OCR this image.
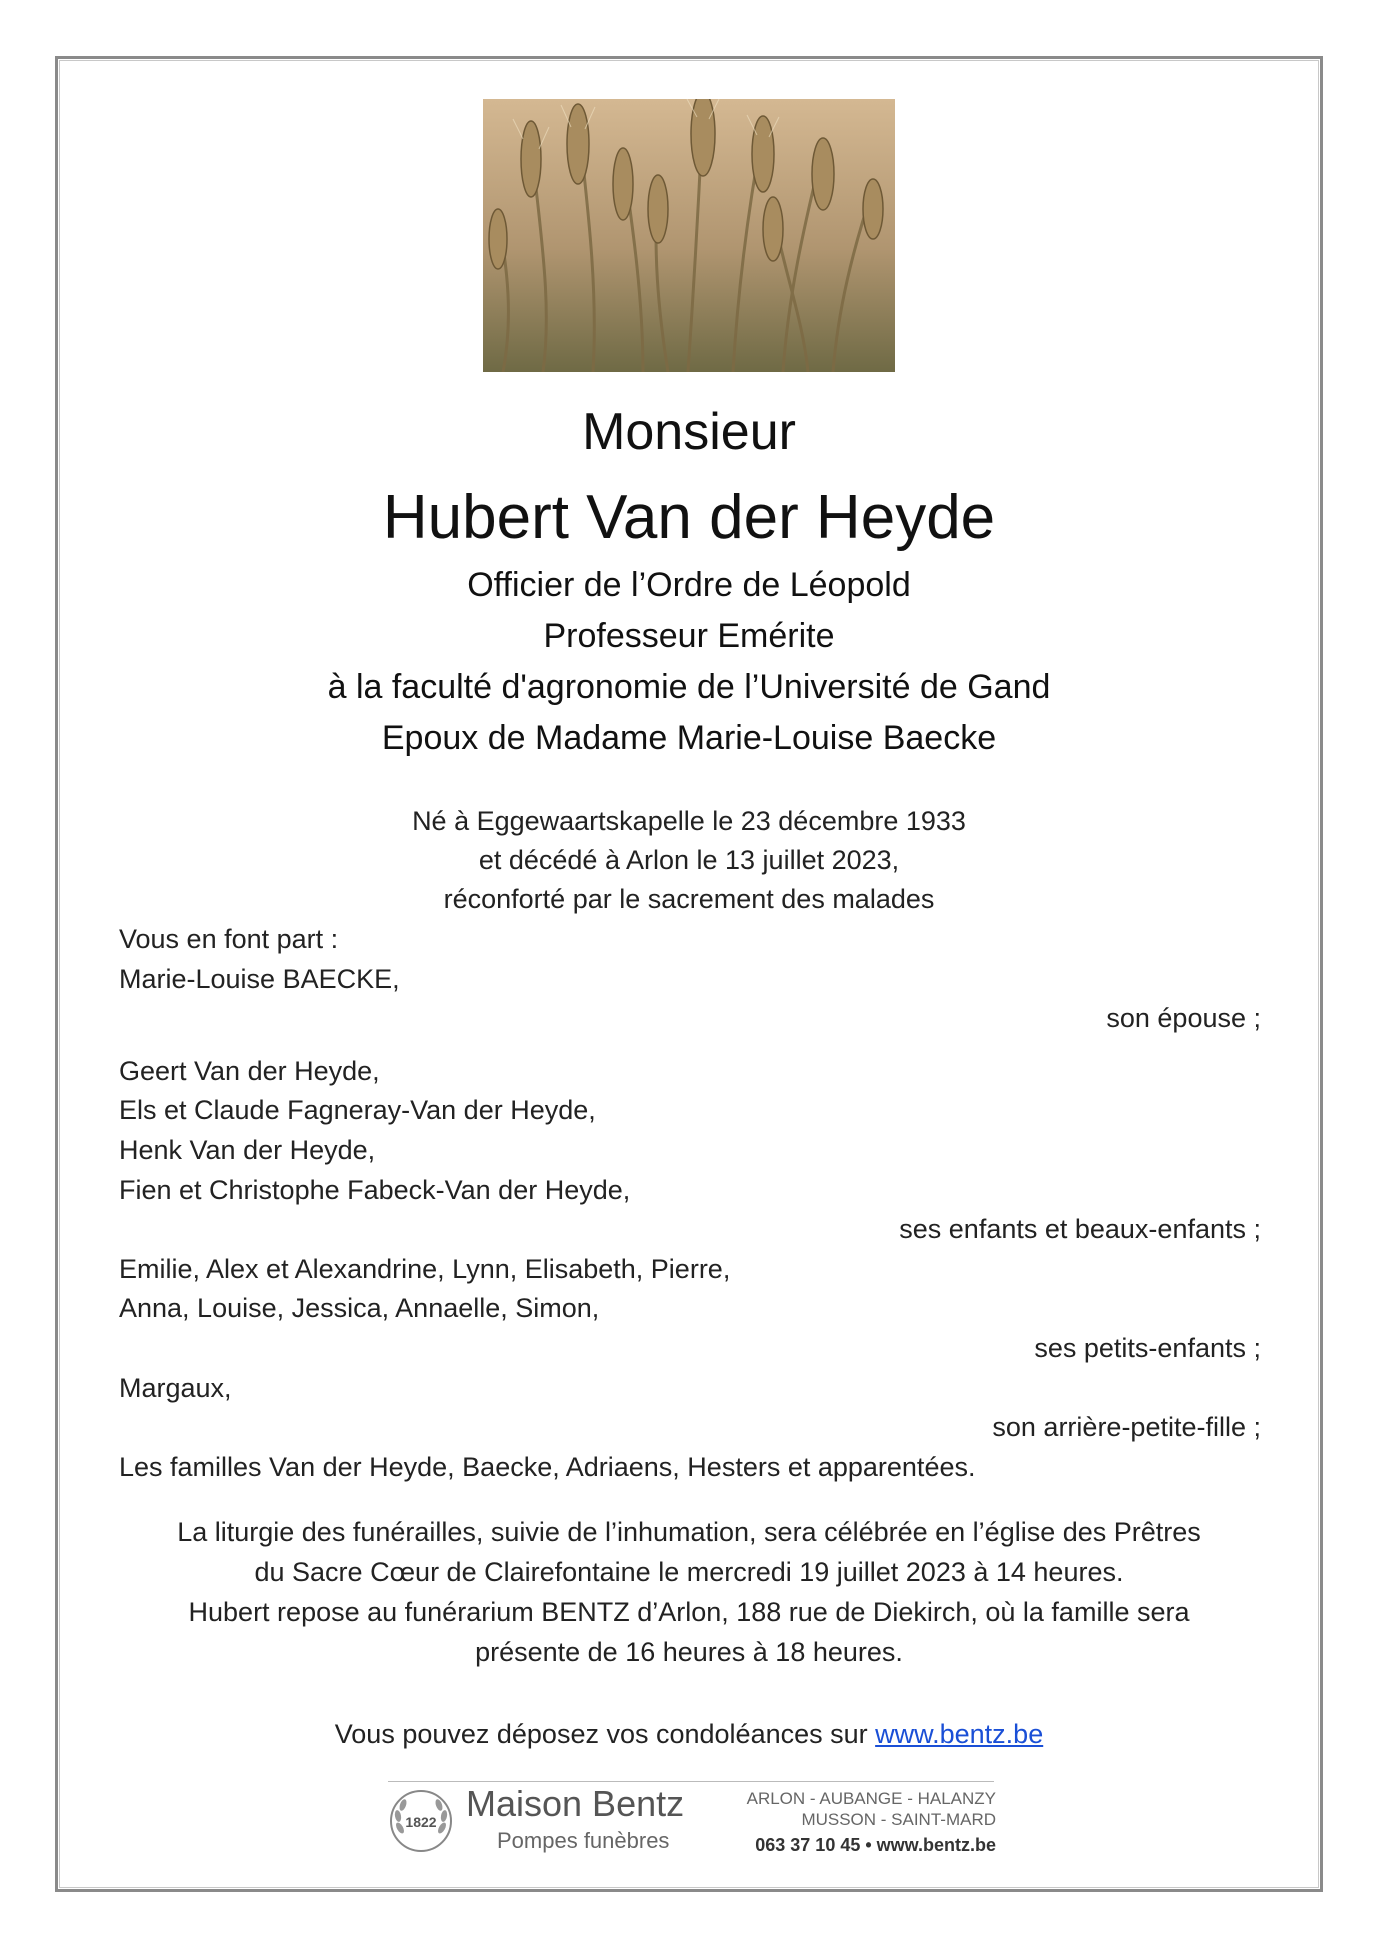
Monsieur
Hubert Van der Heyde
Officier de l’Ordre de Léopold
Professeur Emérite
à la faculté d'agronomie de l’Université de Gand
Epoux de Madame Marie-Louise Baecke
Né à Eggewaartskapelle le 23 décembre 1933
et décédé à Arlon le 13 juillet 2023,
réconforté par le sacrement des malades
Vous en font part :
Marie-Louise BAECKE,
son épouse ;
Geert Van der Heyde,
Els et Claude Fagneray-Van der Heyde,
Henk Van der Heyde,
Fien et Christophe Fabeck-Van der Heyde,
ses enfants et beaux-enfants ;
Emilie, Alex et Alexandrine, Lynn, Elisabeth, Pierre,
Anna, Louise, Jessica, Annaelle, Simon,
ses petits-enfants ;
Margaux,
son arrière-petite-fille ;
Les familles Van der Heyde, Baecke, Adriaens, Hesters et apparentées.
La liturgie des funérailles, suivie de l’inhumation, sera célébrée en l’église des Prêtres
du Sacre Cœur de Clairefontaine le mercredi 19 juillet 2023 à 14 heures.
Hubert repose au funérarium BENTZ d’Arlon, 188 rue de Diekirch, où la famille sera
présente de 16 heures à 18 heures.
Vous pouvez déposez vos condoléances sur www.bentz.be
1822 Maison Bentz
Pompes funèbres
ARLON - AUBANGE - HALANZY
MUSSON - SAINT-MARD
063 37 10 45 • www.bentz.be
